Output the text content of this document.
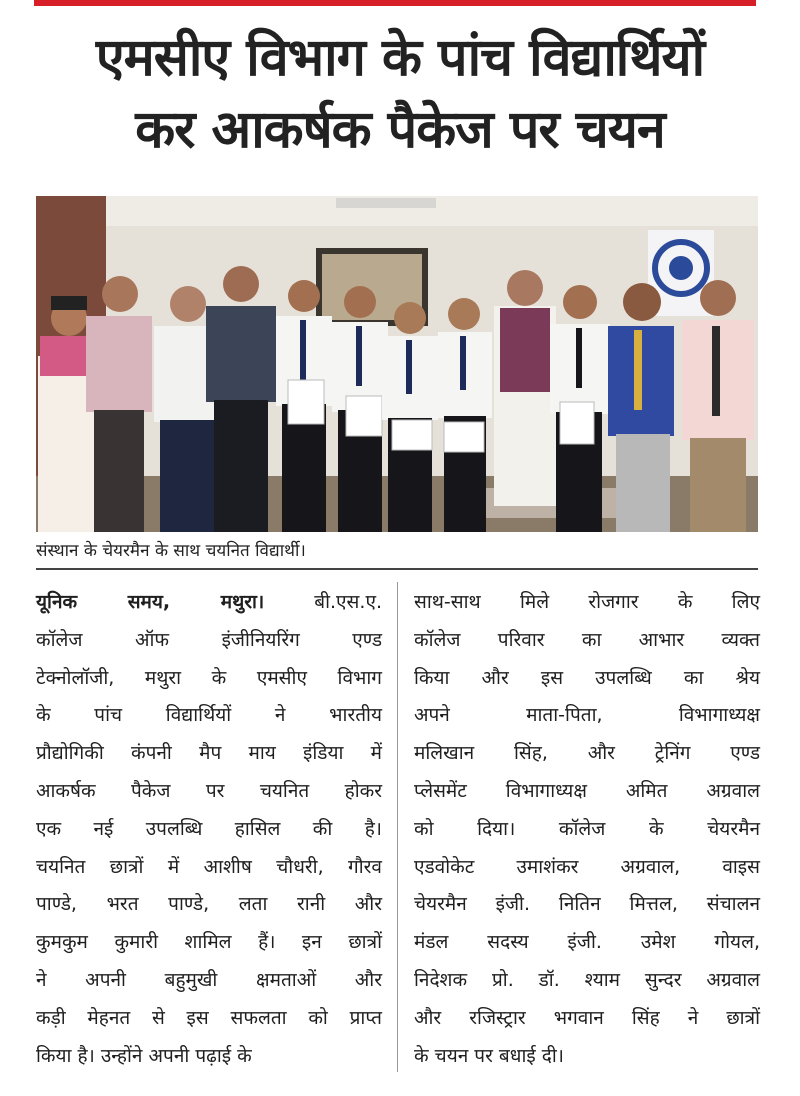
एमसीए विभाग के पांच विद्यार्थियों
कर आकर्षक पैकेज पर चयन
संस्थान के चेयरमैन के साथ चयनित विद्यार्थी।
यूनिक समय, मथुरा। बी.एस.ए.
कॉलेज ऑफ इंजीनियरिंग एण्ड
टेक्नोलॉजी, मथुरा के एमसीए विभाग
के पांच विद्यार्थियों ने भारतीय
प्रौद्योगिकी कंपनी मैप माय इंडिया में
आकर्षक पैकेज पर चयनित होकर
एक नई उपलब्धि हासिल की है।
चयनित छात्रों में आशीष चौधरी, गौरव
पाण्डे, भरत पाण्डे, लता रानी और
कुमकुम कुमारी शामिल हैं। इन छात्रों
ने अपनी बहुमुखी क्षमताओं और
कड़ी मेहनत से इस सफलता को प्राप्त
किया है। उन्होंने अपनी पढ़ाई के
साथ-साथ मिले रोजगार के लिए
कॉलेज परिवार का आभार व्यक्त
किया और इस उपलब्धि का श्रेय
अपने माता-पिता, विभागाध्यक्ष
मलिखान सिंह, और ट्रेनिंग एण्ड
प्लेसमेंट विभागाध्यक्ष अमित अग्रवाल
को दिया। कॉलेज के चेयरमैन
एडवोकेट उमाशंकर अग्रवाल, वाइस
चेयरमैन इंजी. नितिन मित्तल, संचालन
मंडल सदस्य इंजी. उमेश गोयल,
निदेशक प्रो. डॉ. श्याम सुन्दर अग्रवाल
और रजिस्ट्रार भगवान सिंह ने छात्रों
के चयन पर बधाई दी।
